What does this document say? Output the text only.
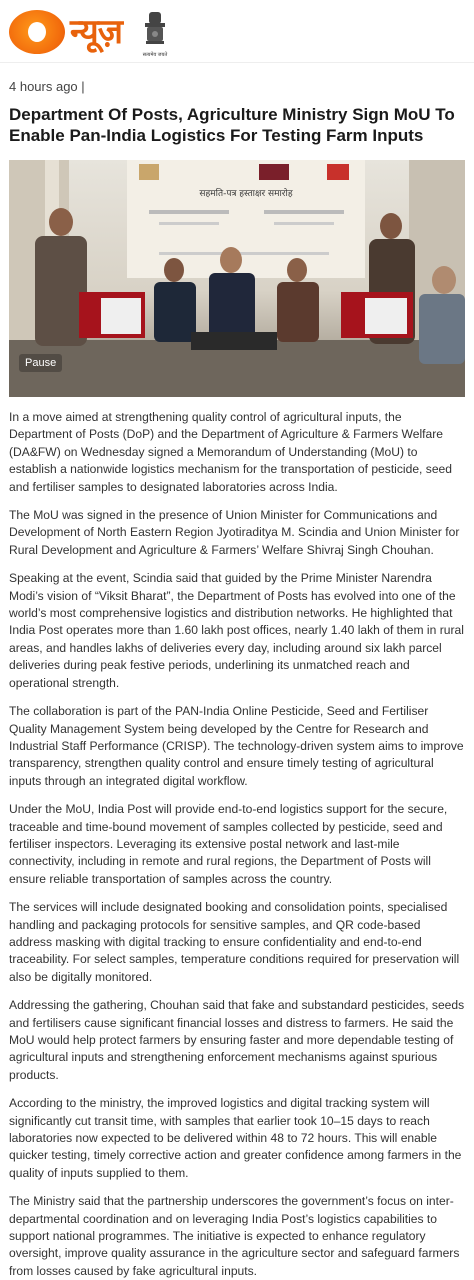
न्यूज़
सत्यमेव जयते
4 hours ago |
Department Of Posts, Agriculture Ministry Sign MoU To Enable Pan-India Logistics For Testing Farm Inputs
सहमति-पत्र हस्ताक्षर समारोह
Pause

In a move aimed at strengthening quality control of agricultural inputs, the Department of Posts (DoP) and the Department of Agriculture & Farmers Welfare (DA&FW) on Wednesday signed a Memorandum of Understanding (MoU) to establish a nationwide logistics mechanism for the transportation of pesticide, seed and fertiliser samples to designated laboratories across India.

The MoU was signed in the presence of Union Minister for Communications and Development of North Eastern Region Jyotiraditya M. Scindia and Union Minister for Rural Development and Agriculture & Farmers’ Welfare Shivraj Singh Chouhan.

Speaking at the event, Scindia said that guided by the Prime Minister Narendra Modi’s vision of “Viksit Bharat”, the Department of Posts has evolved into one of the world’s most comprehensive logistics and distribution networks. He highlighted that India Post operates more than 1.60 lakh post offices, nearly 1.40 lakh of them in rural areas, and handles lakhs of deliveries every day, including around six lakh parcel deliveries during peak festive periods, underlining its unmatched reach and operational strength.

The collaboration is part of the PAN-India Online Pesticide, Seed and Fertiliser Quality Management System being developed by the Centre for Research and Industrial Staff Performance (CRISP). The technology-driven system aims to improve transparency, strengthen quality control and ensure timely testing of agricultural inputs through an integrated digital workflow.

Under the MoU, India Post will provide end-to-end logistics support for the secure, traceable and time-bound movement of samples collected by pesticide, seed and fertiliser inspectors. Leveraging its extensive postal network and last-mile connectivity, including in remote and rural regions, the Department of Posts will ensure reliable transportation of samples across the country.

The services will include designated booking and consolidation points, specialised handling and packaging protocols for sensitive samples, and QR code-based address masking with digital tracking to ensure confidentiality and end-to-end traceability. For select samples, temperature conditions required for preservation will also be digitally monitored.

Addressing the gathering, Chouhan said that fake and substandard pesticides, seeds and fertilisers cause significant financial losses and distress to farmers. He said the MoU would help protect farmers by ensuring faster and more dependable testing of agricultural inputs and strengthening enforcement mechanisms against spurious products.

According to the ministry, the improved logistics and digital tracking system will significantly cut transit time, with samples that earlier took 10–15 days to reach laboratories now expected to be delivered within 48 to 72 hours. This will enable quicker testing, timely corrective action and greater confidence among farmers in the quality of inputs supplied to them.

The Ministry said that the partnership underscores the government’s focus on inter-departmental coordination and on leveraging India Post’s logistics capabilities to support national programmes. The initiative is expected to enhance regulatory oversight, improve quality assurance in the agriculture sector and safeguard farmers from losses caused by fake agricultural inputs.
